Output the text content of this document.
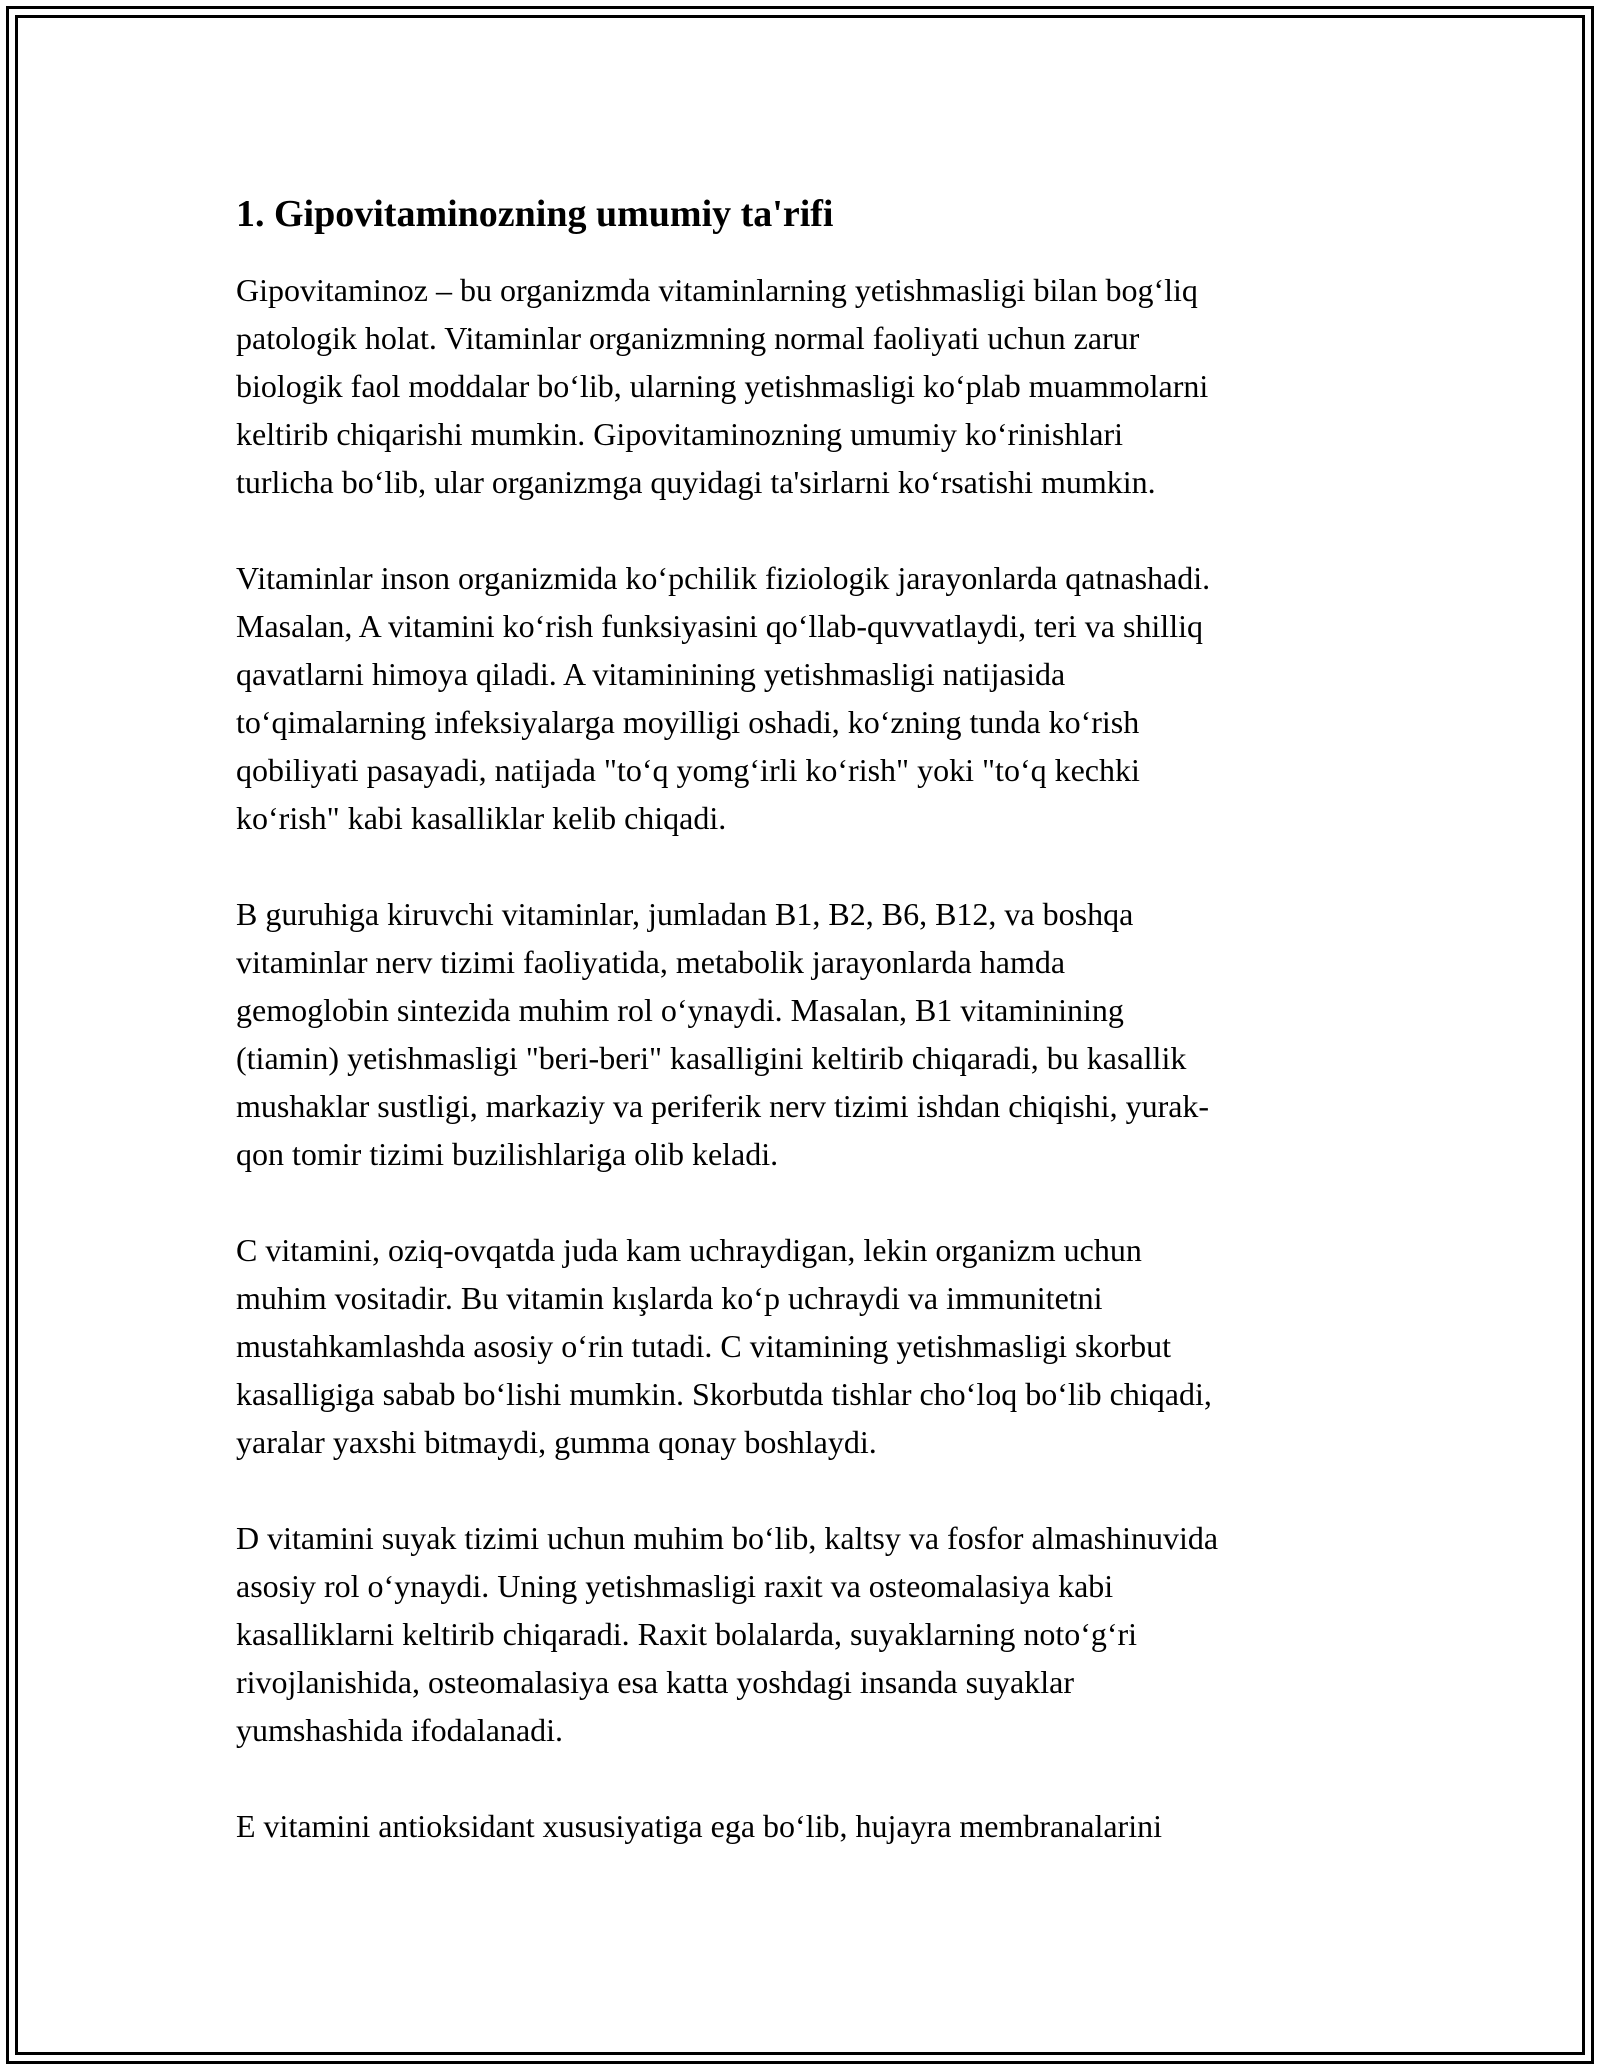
1. Gipovitaminozning umumiy ta'rifi

Gipovitaminoz – bu organizmda vitaminlarning yetishmasligi bilan bog‘liq
patologik holat. Vitaminlar organizmning normal faoliyati uchun zarur
biologik faol moddalar bo‘lib, ularning yetishmasligi ko‘plab muammolarni
keltirib chiqarishi mumkin. Gipovitaminozning umumiy ko‘rinishlari
turlicha bo‘lib, ular organizmga quyidagi ta'sirlarni ko‘rsatishi mumkin.

Vitaminlar inson organizmida ko‘pchilik fiziologik jarayonlarda qatnashadi.
Masalan, A vitamini ko‘rish funksiyasini qo‘llab-quvvatlaydi, teri va shilliq
qavatlarni himoya qiladi. A vitaminining yetishmasligi natijasida
to‘qimalarning infeksiyalarga moyilligi oshadi, ko‘zning tunda ko‘rish
qobiliyati pasayadi, natijada "to‘q yomg‘irli ko‘rish" yoki "to‘q kechki
ko‘rish" kabi kasalliklar kelib chiqadi.

B guruhiga kiruvchi vitaminlar, jumladan B1, B2, B6, B12, va boshqa
vitaminlar nerv tizimi faoliyatida, metabolik jarayonlarda hamda
gemoglobin sintezida muhim rol o‘ynaydi. Masalan, B1 vitaminining
(tiamin) yetishmasligi "beri-beri" kasalligini keltirib chiqaradi, bu kasallik
mushaklar sustligi, markaziy va periferik nerv tizimi ishdan chiqishi, yurak-
qon tomir tizimi buzilishlariga olib keladi.

C vitamini, oziq-ovqatda juda kam uchraydigan, lekin organizm uchun
muhim vositadir. Bu vitamin kışlarda ko‘p uchraydi va immunitetni
mustahkamlashda asosiy o‘rin tutadi. C vitamining yetishmasligi skorbut
kasalligiga sabab bo‘lishi mumkin. Skorbutda tishlar cho‘loq bo‘lib chiqadi,
yaralar yaxshi bitmaydi, gumma qonay boshlaydi.

D vitamini suyak tizimi uchun muhim bo‘lib, kaltsy va fosfor almashinuvida
asosiy rol o‘ynaydi. Uning yetishmasligi raxit va osteomalasiya kabi
kasalliklarni keltirib chiqaradi. Raxit bolalarda, suyaklarning noto‘g‘ri
rivojlanishida, osteomalasiya esa katta yoshdagi insanda suyaklar
yumshashida ifodalanadi.

E vitamini antioksidant xususiyatiga ega bo‘lib, hujayra membranalarini
